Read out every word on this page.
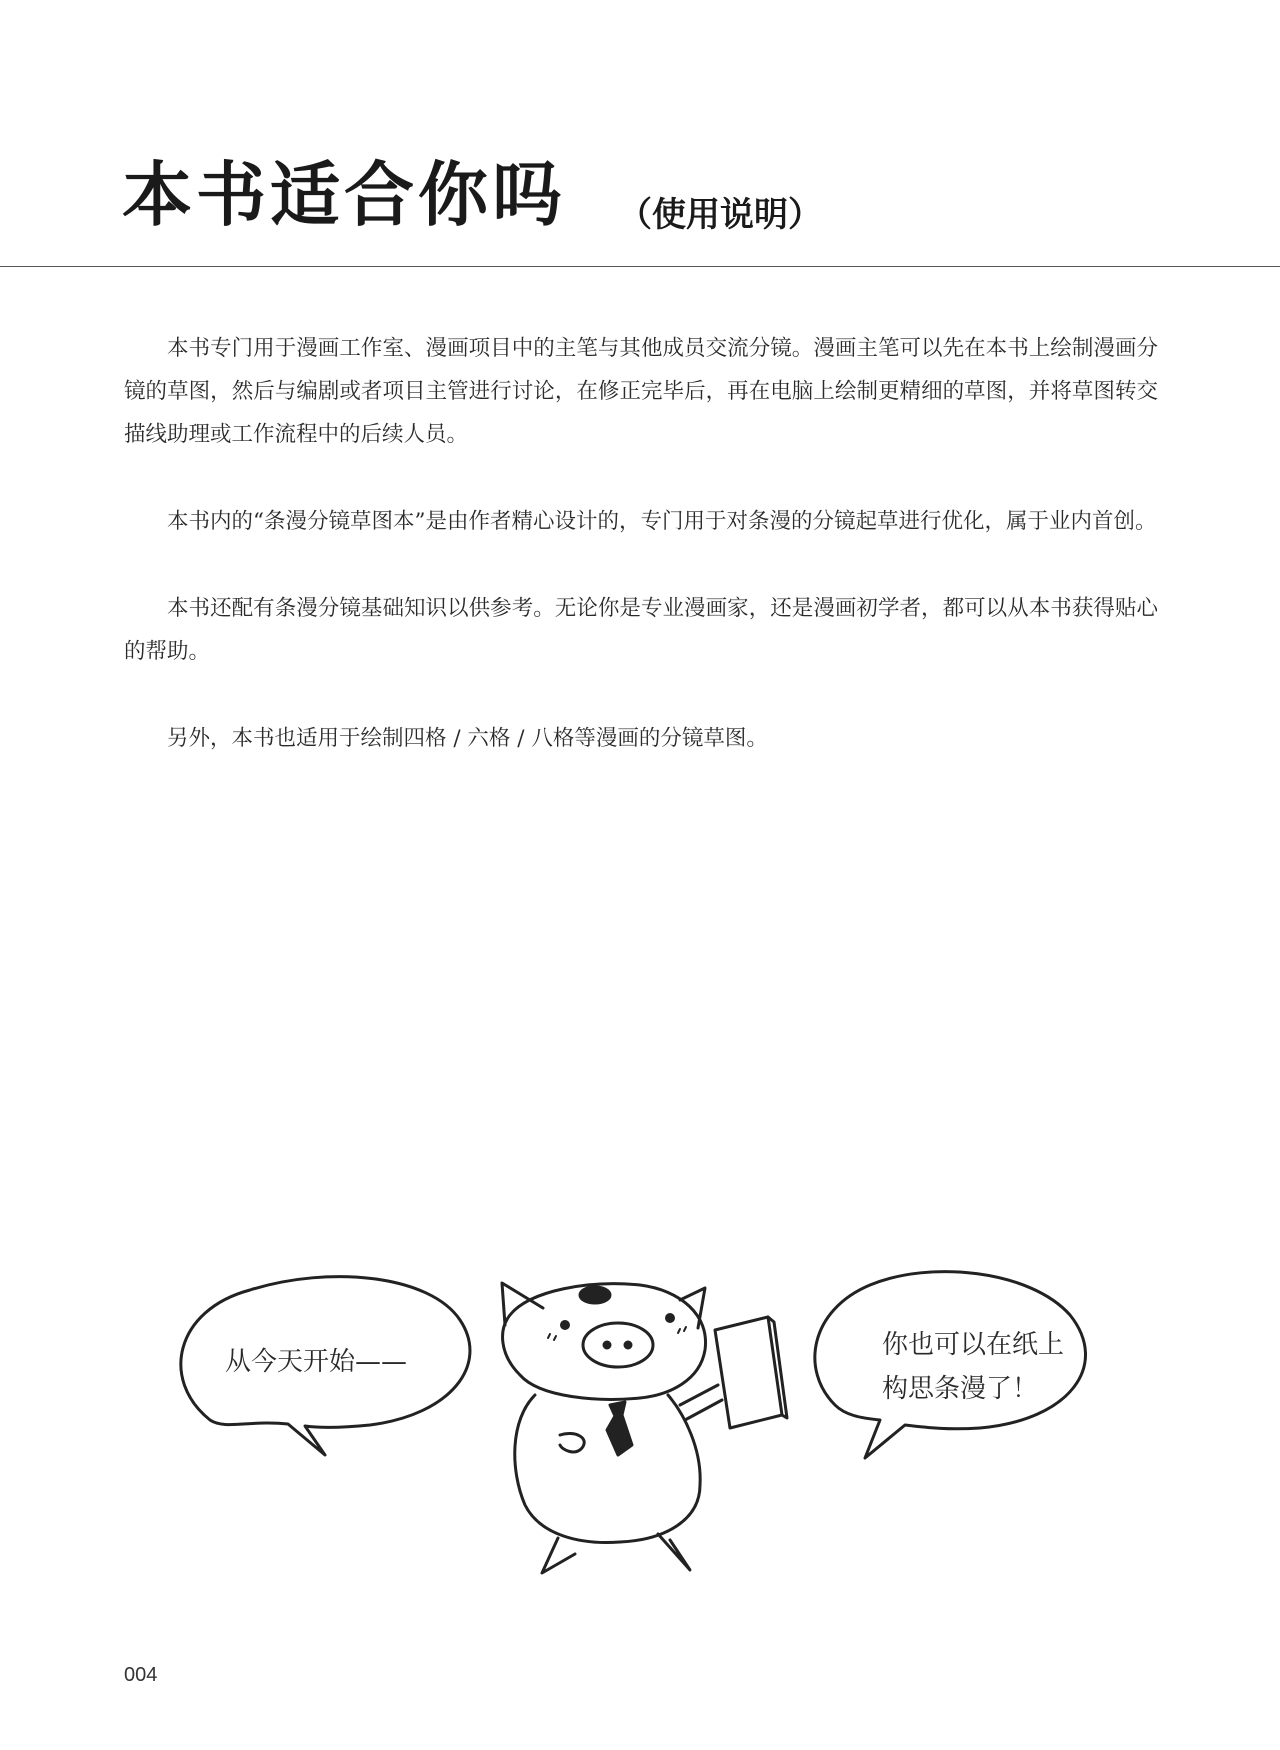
本书适合你吗 （使用说明）

本书专门用于漫画工作室、漫画项目中的主笔与其他成员交流分镜。漫画主笔可以先在本书上绘制漫画分镜的草图，然后与编剧或者项目主管进行讨论，在修正完毕后，再在电脑上绘制更精细的草图，并将草图转交描线助理或工作流程中的后续人员。

本书内的“条漫分镜草图本”是由作者精心设计的，专门用于对条漫的分镜起草进行优化，属于业内首创。

本书还配有条漫分镜基础知识以供参考。无论你是专业漫画家，还是漫画初学者，都可以从本书获得贴心的帮助。

另外，本书也适用于绘制四格 / 六格 / 八格等漫画的分镜草图。

从今天开始——
你也可以在纸上
构思条漫了！
004
